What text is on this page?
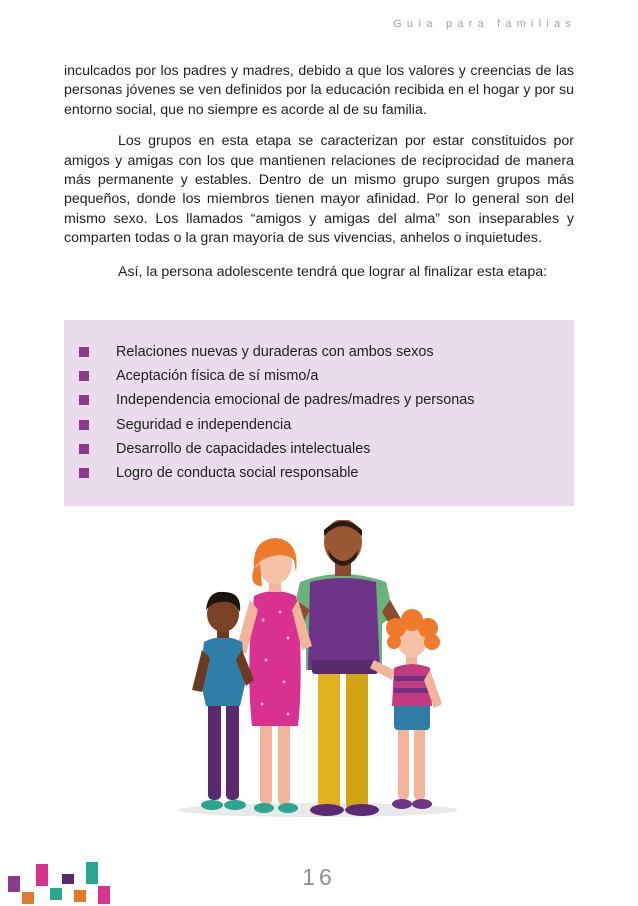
Guía para familias

inculcados por los padres y madres, debido a que los valores y creencias de las personas jóvenes se ven definidos por la educación recibida en el hogar y por su entorno social, que no siempre es acorde al de su familia.

Los grupos en esta etapa se caracterizan por estar constituidos por amigos y amigas con los que mantienen relaciones de reciprocidad de manera más permanente y estables. Dentro de un mismo grupo surgen grupos más pequeños, donde los miembros tienen mayor afinidad. Por lo general son del mismo sexo. Los llamados “amigos y amigas del alma” son inseparables y comparten todas o la gran mayoría de sus vivencias, anhelos o inquietudes.

Así, la persona adolescente tendrá que lograr al finalizar esta etapa:

Relaciones nuevas y duraderas con ambos sexos
Aceptación física de sí mismo/a
Independencia emocional de padres/madres y personas
Seguridad e independencia
Desarrollo de capacidades intelectuales
Logro de conducta social responsable
16
